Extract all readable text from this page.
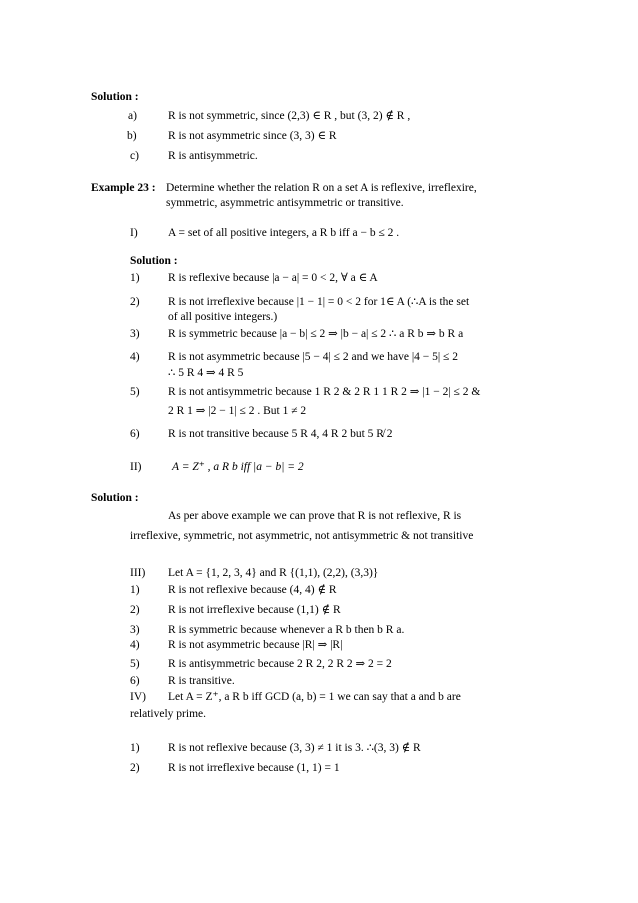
Solution :
a)	R is not symmetric, since (2,3) ∈ R , but (3, 2) ∉ R ,
b)	R is not asymmetric since (3, 3) ∈ R
c)	R is antisymmetric.
Example 23 : Determine whether the relation R on a set A is reflexive, irreflexire,
symmetric, asymmetric antisymmetric or transitive.
I)	A = set of all positive integers, a R b iff a − b ≤ 2 .
Solution :
1) R is reflexive because |a − a| = 0 < 2, ∀ a ∈ A
2) R is not irreflexive because |1 − 1| = 0 < 2 for 1∈ A (∴A is the set
of all positive integers.)
3) R is symmetric because |a − b| ≤ 2 ⇒ |b − a| ≤ 2 ∴ a R b ⇒ b R a
4) R is not asymmetric because |5 − 4| ≤ 2 and we have |4 − 5| ≤ 2
∴ 5 R 4 ⇒ 4 R 5
5) R is not antisymmetric because 1 R 2 & 2 R 1 1 R 2 ⇒ |1 − 2| ≤ 2 &
2 R 1 ⇒ |2 − 1| ≤ 2 . But 1 ≠ 2
6) R is not transitive because 5 R 4, 4 R 2 but 5 R̸ 2
II)	A = Z⁺ , a R b iff |a − b| = 2
Solution :
As per above example we can prove that R is not reflexive, R is
irreflexive, symmetric, not asymmetric, not antisymmetric & not transitive
III) Let A = {1, 2, 3, 4} and R {(1,1), (2,2), (3,3)}
1) R is not reflexive because (4, 4) ∉ R
2) R is not irreflexive because (1,1) ∉ R
3) R is symmetric because whenever a R b then b R a.
4) R is not asymmetric because |R| ⇒ |R|
5) R is antisymmetric because 2 R 2, 2 R 2 ⇒ 2 = 2
6) R is transitive.
IV) Let A = Z⁺, a R b iff GCD (a, b) = 1 we can say that a and b are
relatively prime.
1) R is not reflexive because (3, 3) ≠ 1 it is 3. ∴(3, 3) ∉ R
2) R is not irreflexive because (1, 1) = 1
